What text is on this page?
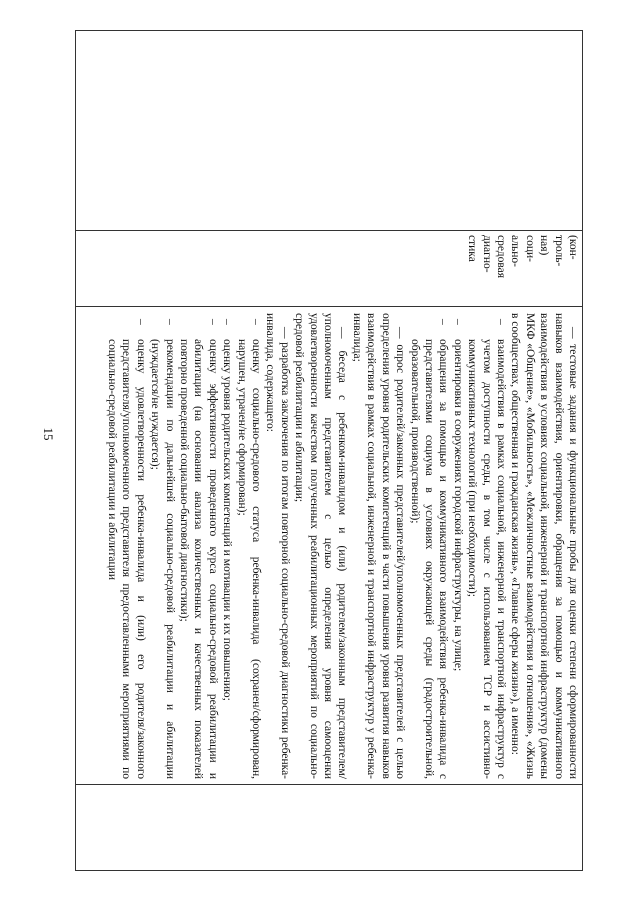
15

(кон-
троль-
ная)
соци-
ально-
средовая
диагно-
стика

— тестовые задания и функциональные пробы для оценки степени сформированности навыков взаимодействия, ориентировки, обращения за помощью и коммуникативного взаимодействия в условиях социальной, инженерной и транспортной инфраструктур (домены МКФ «Общение», «Мобильность», «Межличностные взаимодействия и отношения», «Жизнь в сообществах, общественная и гражданская жизнь», «Главные сферы жизни»), а именно:

–
взаимодействия в рамках социальной, инженерной и транспортной инфраструктур с учетом доступности среды, в том числе с использованием ТСР и ассистивно-коммуникативных технологий (при необходимости);

–
ориентировки в сооружениях городской инфраструктуры, на улице;

–
обращения за помощью и коммуникативного взаимодействия ребенка-инвалида с представителями социума в условиях окружающей среды (градостроительной, образовательной, производственной);

— опрос родителей/законных представителей/уполномоченных представителей с целью определения уровня родительских компетенций в части повышения уровня развития навыков взаимодействия в рамках социальной, инженерной и транспортной инфраструктур у ребенка-инвалида;

— беседа с ребенком-инвалидом и (или) родителем/законным представителем/уполномоченным представителем с целью определения уровня самооценки удовлетворенности качеством полученных реабилитационных мероприятий по социально-средовой реабилитации и абилитации;

— разработка заключения по итогам повторной социально-средовой диагностики ребенка-инвалида, содержащего:

–
оценку социально-средового статуса ребенка-инвалида (сохранен/сформирован, нарушен, утрачен/не сформирован);

–
оценку уровня родительских компетенций и мотивации к их повышению;

–
оценку эффективности проведенного курса социально-средовой реабилитации и абилитации (на основании анализа количественных и качественных показателей повторно проведенной социально-бытовой диагностики);

–
рекомендации по дальнейшей социально-средовой реабилитации и абилитации (нуждается/не нуждается);

–
оценку удовлетворенности ребенка-инвалида и (или) его родителя/законного представителя/уполномоченного представителя предоставленными мероприятиями по социально-средовой реабилитации и абилитации
